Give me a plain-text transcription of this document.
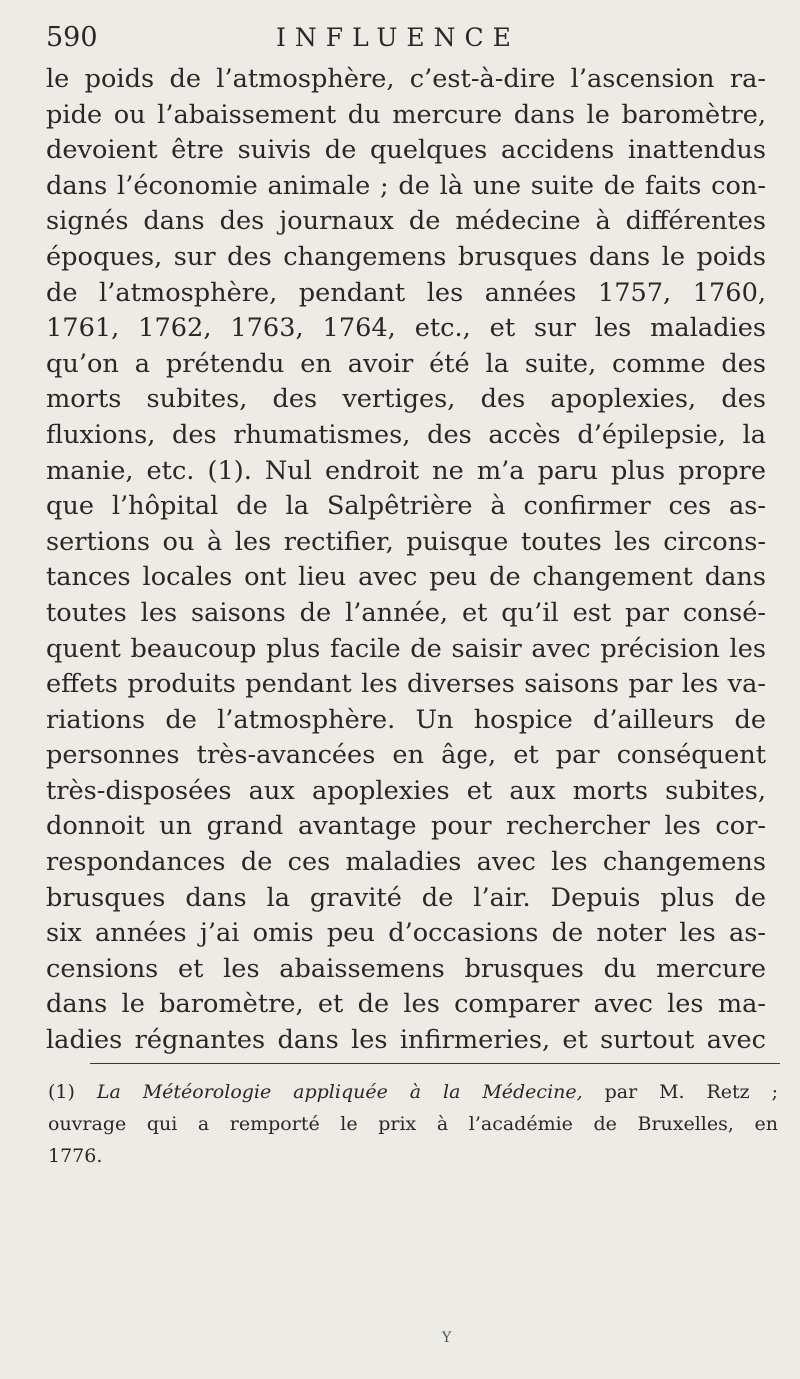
590	INFLUENCE
le poids de l’atmosphère, c’est-à-dire l’ascension ra-
pide ou l’abaissement du mercure dans le baromètre,
devoient être suivis de quelques accidens inattendus
dans l’économie animale ; de là une suite de faits con-
signés dans des journaux de médecine à différentes
époques, sur des changemens brusques dans le poids
de l’atmosphère, pendant les années 1757, 1760,
1761, 1762, 1763, 1764, etc., et sur les maladies
qu’on a prétendu en avoir été la suite, comme des
morts subites, des vertiges, des apoplexies, des
fluxions, des rhumatismes, des accès d’épilepsie, la
manie, etc. (1). Nul endroit ne m’a paru plus propre
que l’hôpital de la Salpêtrière à confirmer ces as-
sertions ou à les rectifier, puisque toutes les circons-
tances locales ont lieu avec peu de changement dans
toutes les saisons de l’année, et qu’il est par consé-
quent beaucoup plus facile de saisir avec précision les
effets produits pendant les diverses saisons par les va-
riations de l’atmosphère. Un hospice d’ailleurs de
personnes très-avancées en âge, et par conséquent
très-disposées aux apoplexies et aux morts subites,
donnoit un grand avantage pour rechercher les cor-
respondances de ces maladies avec les changemens
brusques dans la gravité de l’air. Depuis plus de
six années j’ai omis peu d’occasions de noter les as-
censions et les abaissemens brusques du mercure
dans le baromètre, et de les comparer avec les ma-
ladies régnantes dans les infirmeries, et surtout avec
(1) La Météorologie appliquée à la Médecine, par M. Retz ;
ouvrage qui a remporté le prix à l’académie de Bruxelles, en
1776.
Y
